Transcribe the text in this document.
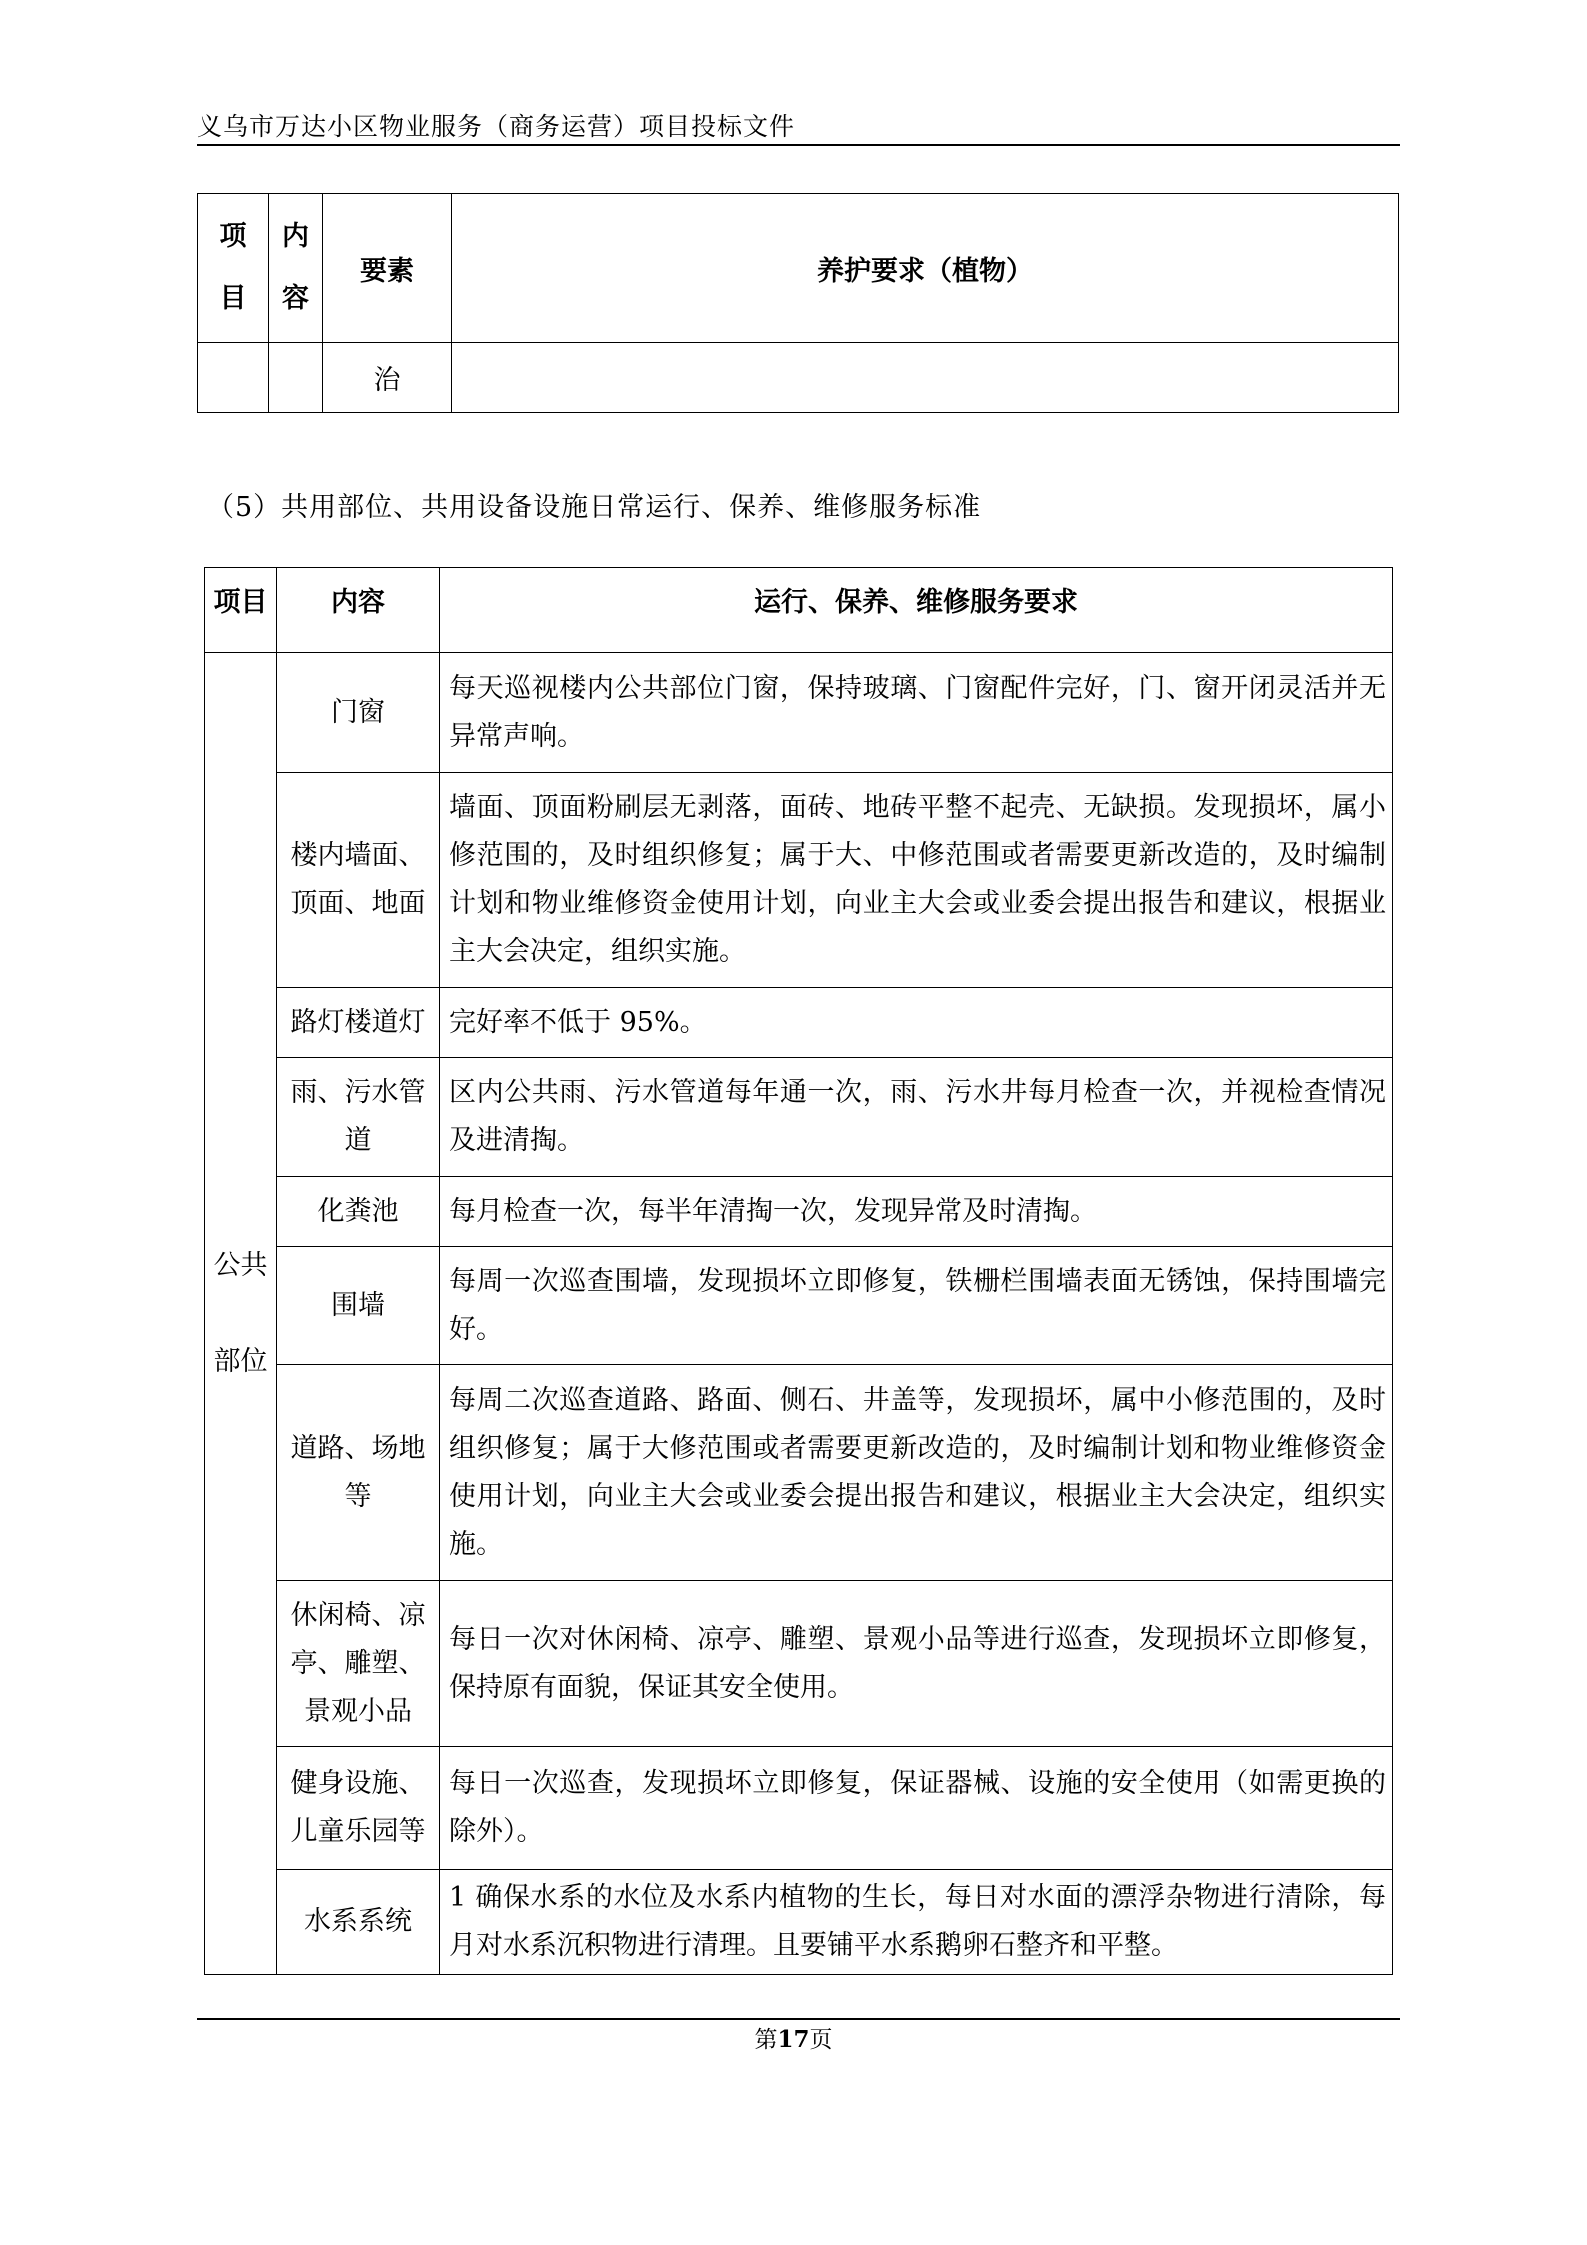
义乌市万达小区物业服务（商务运营）项目投标文件
项目	内容	要素	养护要求（植物）
		治	
（5）共用部位、共用设备设施日常运行、保养、维修服务标准
项目	内容	运行、保养、维修服务要求
公共部位	门窗	每天巡视楼内公共部位门窗，保持玻璃、门窗配件完好，门、窗开闭灵活并无异常声响。
	楼内墙面、顶面、地面	墙面、顶面粉刷层无剥落，面砖、地砖平整不起壳、无缺损。发现损坏，属小修范围的，及时组织修复；属于大、中修范围或者需要更新改造的，及时编制计划和物业维修资金使用计划，向业主大会或业委会提出报告和建议，根据业主大会决定，组织实施。
	路灯楼道灯	完好率不低于 95%。
	雨、污水管道	区内公共雨、污水管道每年通一次，雨、污水井每月检查一次，并视检查情况及进清掏。
	化粪池	每月检查一次，每半年清掏一次，发现异常及时清掏。
	围墙	每周一次巡查围墙，发现损坏立即修复，铁栅栏围墙表面无锈蚀，保持围墙完好。
	道路、场地等	每周二次巡查道路、路面、侧石、井盖等，发现损坏，属中小修范围的，及时组织修复；属于大修范围或者需要更新改造的，及时编制计划和物业维修资金使用计划，向业主大会或业委会提出报告和建议，根据业主大会决定，组织实施。
	休闲椅、凉亭、雕塑、景观小品	每日一次对休闲椅、凉亭、雕塑、景观小品等进行巡查，发现损坏立即修复，保持原有面貌，保证其安全使用。
	健身设施、儿童乐园等	每日一次巡查，发现损坏立即修复，保证器械、设施的安全使用（如需更换的除外）。
	水系系统	1 确保水系的水位及水系内植物的生长，每日对水面的漂浮杂物进行清除，每月对水系沉积物进行清理。且要铺平水系鹅卵石整齐和平整。
第17页
